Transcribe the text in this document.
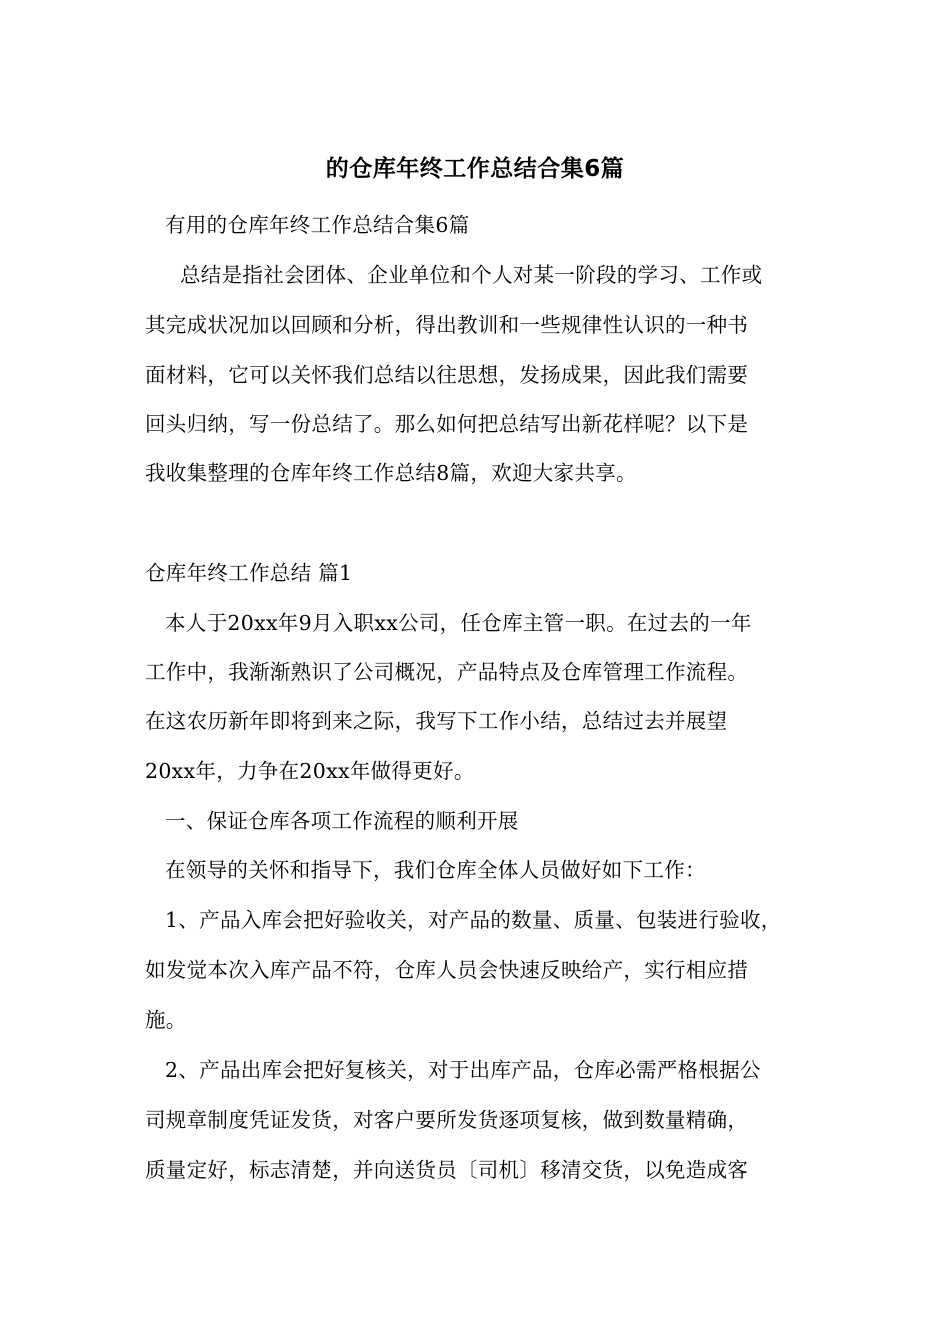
的仓库年终工作总结合集6篇
有用的仓库年终工作总结合集6篇
总结是指社会团体、企业单位和个人对某一阶段的学习、工作或
其完成状况加以回顾和分析，得出教训和一些规律性认识的一种书
面材料，它可以关怀我们总结以往思想，发扬成果，因此我们需要
回头归纳，写一份总结了。那么如何把总结写出新花样呢？以下是
我收集整理的仓库年终工作总结8篇，欢迎大家共享。
仓库年终工作总结 篇1
本人于20xx年9月入职xx公司，任仓库主管一职。在过去的一年
工作中，我渐渐熟识了公司概况，产品特点及仓库管理工作流程。
在这农历新年即将到来之际，我写下工作小结，总结过去并展望
20xx年，力争在20xx年做得更好。
一、保证仓库各项工作流程的顺利开展
在领导的关怀和指导下，我们仓库全体人员做好如下工作：
1、产品入库会把好验收关，对产品的数量、质量、包装进行验收，
如发觉本次入库产品不符，仓库人员会快速反映给产，实行相应措
施。
2、产品出库会把好复核关，对于出库产品，仓库必需严格根据公
司规章制度凭证发货，对客户要所发货逐项复核，做到数量精确，
质量定好，标志清楚，并向送货员〔司机〕移清交货，以免造成客
